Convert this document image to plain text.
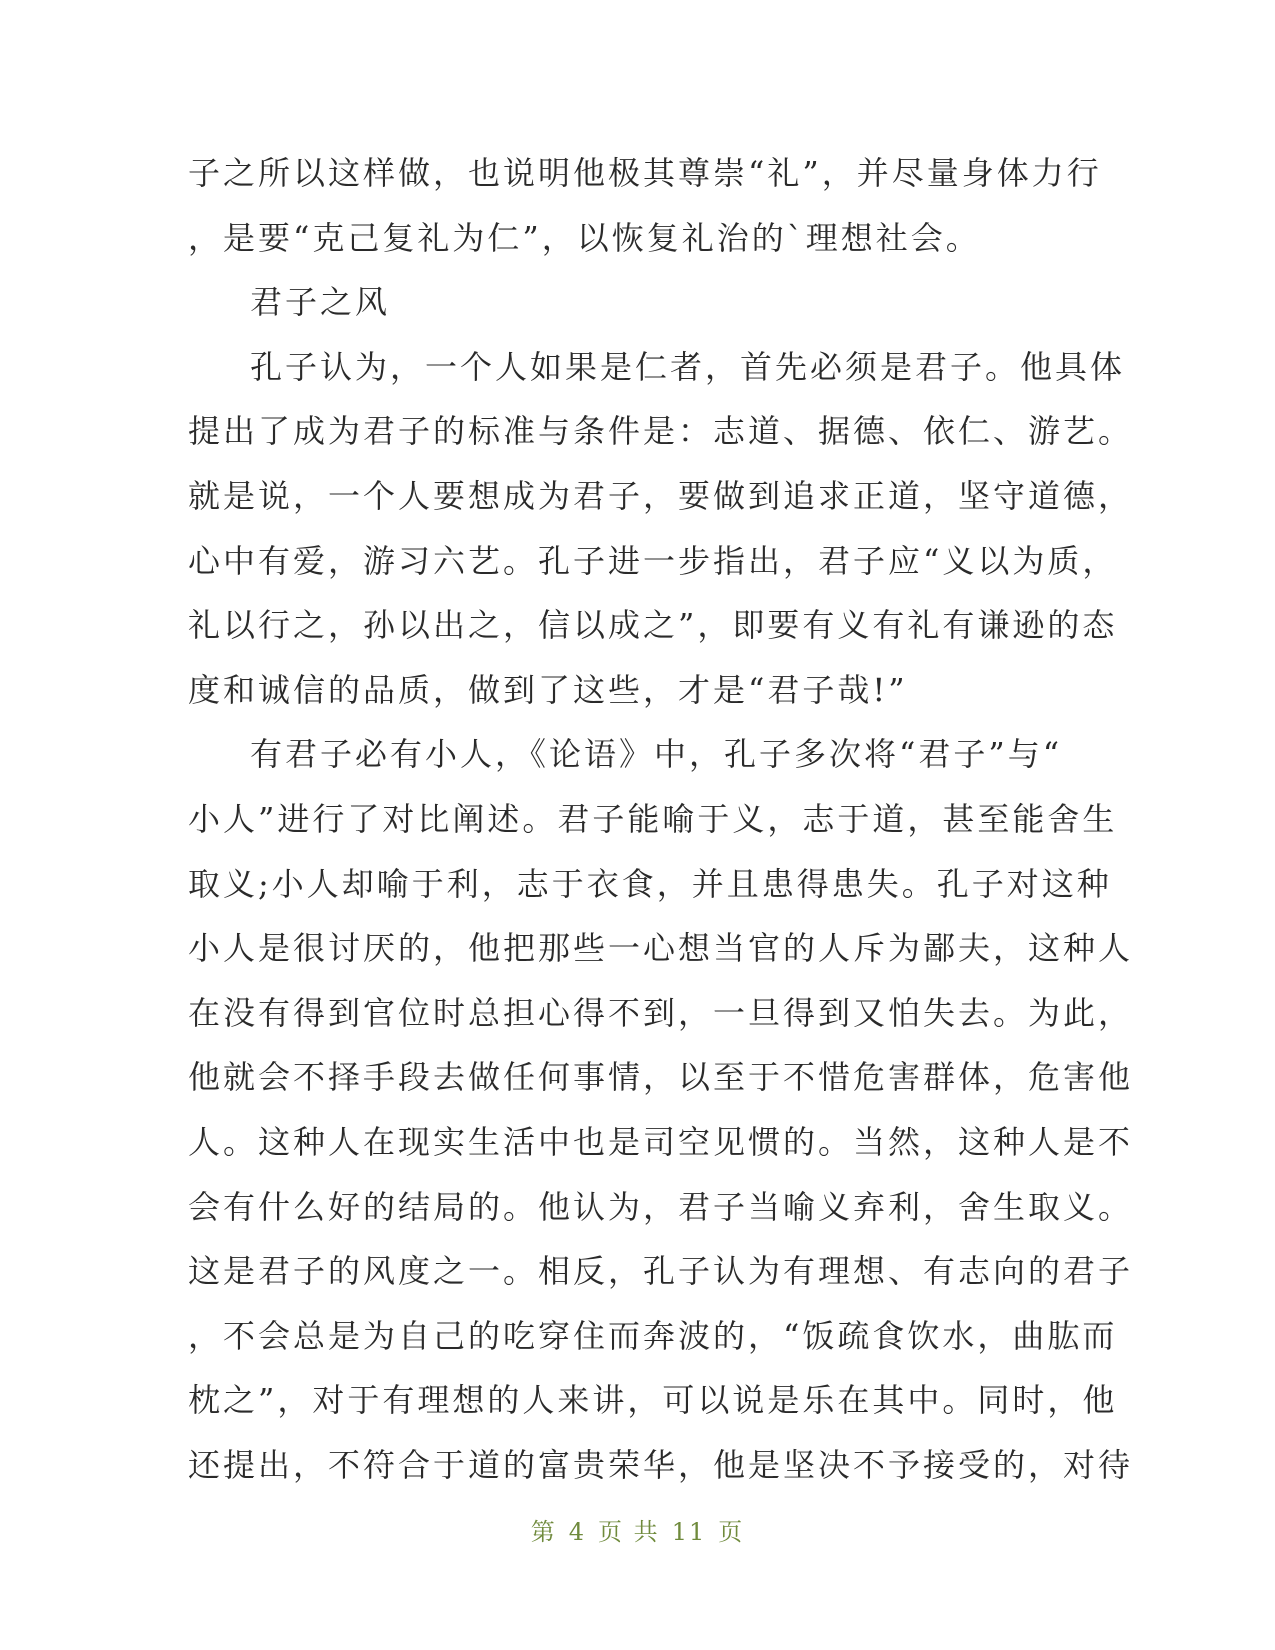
子之所以这样做，也说明他极其尊崇“礼”，并尽量身体力行
，是要“克己复礼为仁”，以恢复礼治的`理想社会。
君子之风
孔子认为，一个人如果是仁者，首先必须是君子。他具体
提出了成为君子的标准与条件是：志道、据德、依仁、游艺。
就是说，一个人要想成为君子，要做到追求正道，坚守道德，
心中有爱，游习六艺。孔子进一步指出，君子应“义以为质，
礼以行之，孙以出之，信以成之”，即要有义有礼有谦逊的态
度和诚信的品质，做到了这些，才是“君子哉!”
有君子必有小人，《论语》中，孔子多次将“君子”与“
小人”进行了对比阐述。君子能喻于义，志于道，甚至能舍生
取义;小人却喻于利，志于衣食，并且患得患失。孔子对这种
小人是很讨厌的，他把那些一心想当官的人斥为鄙夫，这种人
在没有得到官位时总担心得不到，一旦得到又怕失去。为此，
他就会不择手段去做任何事情，以至于不惜危害群体，危害他
人。这种人在现实生活中也是司空见惯的。当然，这种人是不
会有什么好的结局的。他认为，君子当喻义弃利，舍生取义。
这是君子的风度之一。相反，孔子认为有理想、有志向的君子
，不会总是为自己的吃穿住而奔波的，“饭疏食饮水，曲肱而
枕之”，对于有理想的人来讲，可以说是乐在其中。同时，他
还提出，不符合于道的富贵荣华，他是坚决不予接受的，对待
第 4 页 共 11 页
